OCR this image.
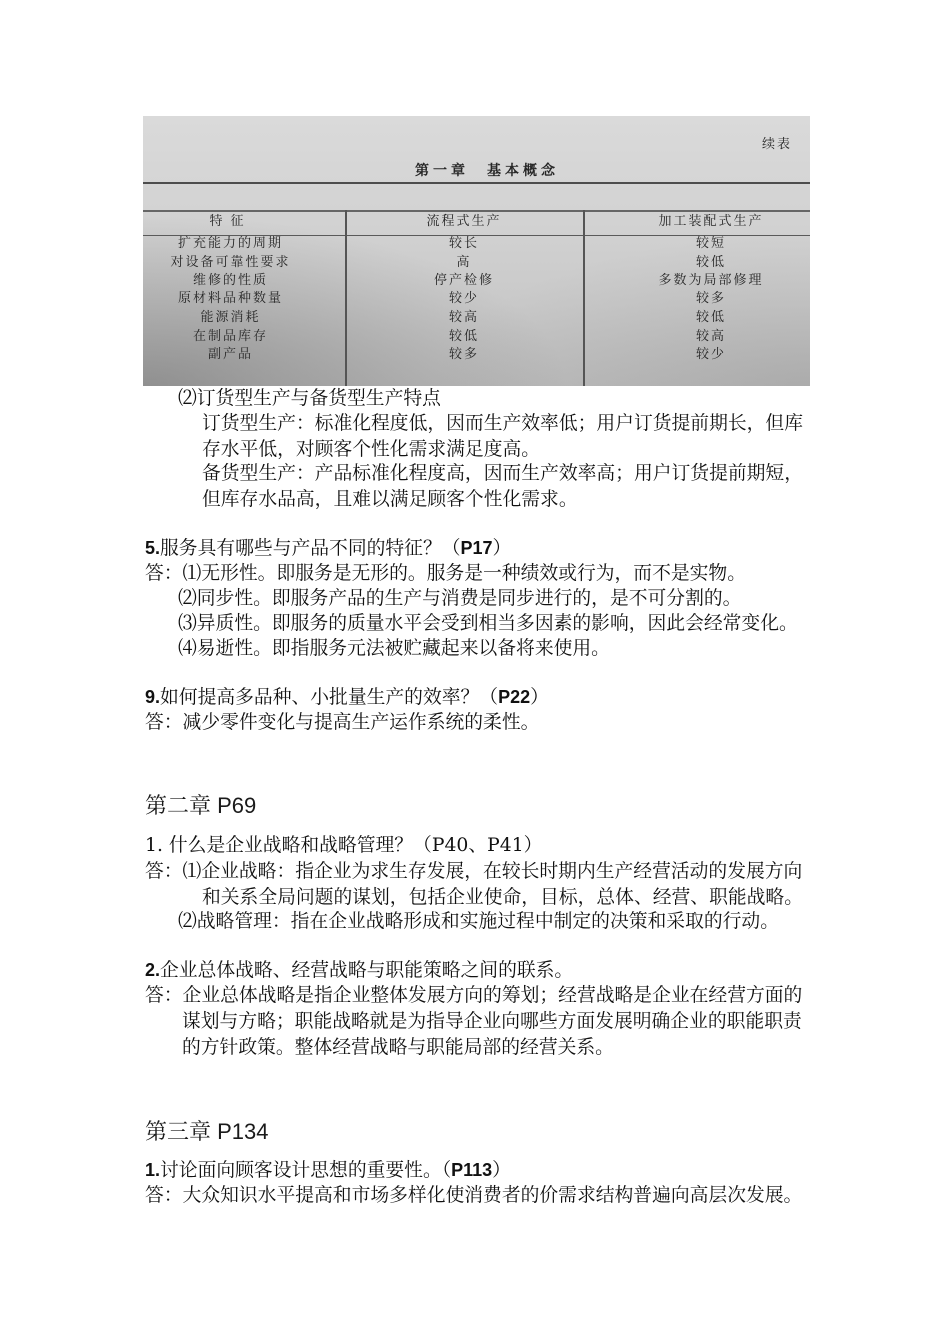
续表
第一章　基本概念
特征	流程式生产	加工装配式生产
扩充能力的周期	较长	较短
对设备可靠性要求	高	较低
维修的性质	停产检修	多数为局部修理
原材料品种数量	较少	较多
能源消耗	较高	较低
在制品库存	较低	较高
副产品	较多	较少
⑵订货型生产与备货型生产特点
订货型生产：标准化程度低，因而生产效率低；用户订货提前期长，但库
存水平低，对顾客个性化需求满足度高。
备货型生产：产品标准化程度高，因而生产效率高；用户订货提前期短，
但库存水品高，且难以满足顾客个性化需求。
5.服务具有哪些与产品不同的特征？（P17）
答：⑴无形性。即服务是无形的。服务是一种绩效或行为，而不是实物。
⑵同步性。即服务产品的生产与消费是同步进行的，是不可分割的。
⑶异质性。即服务的质量水平会受到相当多因素的影响，因此会经常变化。
⑷易逝性。即指服务元法被贮藏起来以备将来使用。
9.如何提高多品种、小批量生产的效率？（P22）
答：减少零件变化与提高生产运作系统的柔性。
第二章 P69
1. 什么是企业战略和战略管理？（P40、P41）
答：⑴企业战略：指企业为求生存发展，在较长时期内生产经营活动的发展方向
和关系全局问题的谋划，包括企业使命，目标，总体、经营、职能战略。
⑵战略管理：指在企业战略形成和实施过程中制定的决策和采取的行动。
2.企业总体战略、经营战略与职能策略之间的联系。
答：企业总体战略是指企业整体发展方向的筹划；经营战略是企业在经营方面的
谋划与方略；职能战略就是为指导企业向哪些方面发展明确企业的职能职责
的方针政策。整体经营战略与职能局部的经营关系。
第三章 P134
1.讨论面向顾客设计思想的重要性。（P113）
答：大众知识水平提高和市场多样化使消费者的价需求结构普遍向高层次发展。
